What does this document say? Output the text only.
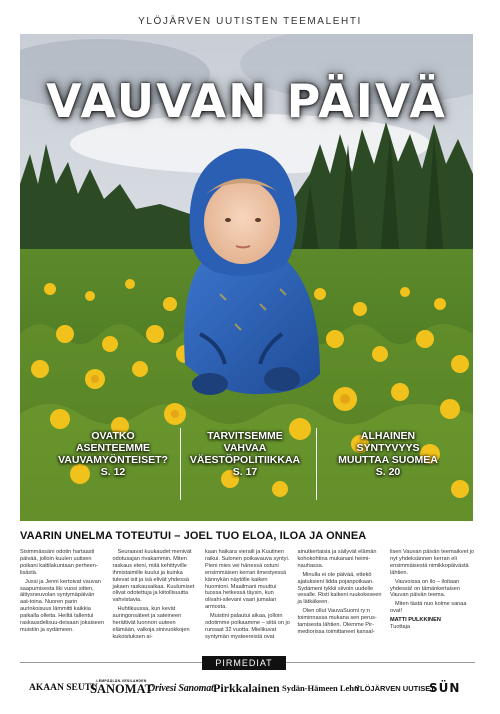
YLÖJÄRVEN UUTISTEN TEEMALEHTI
VAUVAN PÄIVÄ
OVATKO
ASENTEEMME
VAUVAMYÖNTEISET?
S. 12
TARVITSEMME
VAHVAA
VÄESTÖPOLITIIKKAA
S. 17
ALHAINEN
SYNTYVYYS
MUUTTAA SUOMEA
S. 20
VAARIN UNELMA TOTEUTUI – JOEL TUO ELOA, ILOA JA ONNEA

Sisimmässäni odotin hartaasti päivää, jolloin kuulen uutisen poikani kattilakuntaan perheen-lisästä.

Jussi ja Jenni kertoivat vauvan saapumisesta liki vuosi sitten, äitiysneuvolan syntymäpäivän aat-toina. Nuoren parin aurinkoisuus lämmitti kaikkia paikalla olleita. Heiltä tallentui raskausdelisuu-deisaan jokaiseen muistiin ja sydämeen.

Seuraavat kuukaudet menivät odotusajan rivakammin. Miten raskaus eteni, mitä kehittyville ihmistaimille kuului ja kuinka tulevat isit ja isä elivät yhdessä jakaen raskausaikaa. Kuulumiset olivat odotettuja ja kiitollisuutta vahvistavia.

Huhtikuussa, kun kevät auringonsäteet ja sateineen herättivät luonnon uuteen elämään, valkoja sinivuokkojen kukoistuksen ai-

kaan haikara vieraili ja Kuutinen raikui. Sulonen poikavauva syntyi. Pieni mies vei hänessä ostuni ensimmäisen kerran ilmestyessä kännykän näytölle kaiken huomioni. Maailmani muuttui tuossa hetkessä täysin, kun olivahi-silevani vaari jumalan armosta.

Muistini palautui aikaa, jolloin odotimme poikaamme – siitä on jo runsaat 32 vuotta. Mielikuvat syntymän mysteereistä ovat

ainutkertaisia ja säilyvät elämän kohokohtina mukanani heimi-nauhassa.

Minulla ei ole päivää, ettekö ajatuksieni lidda pojanpoikaan. Sydämeni tykkii siivoin uudelle vesalle. Risti kaikeni ruukokeseen ja lätkäkeen.

Olen ollut VauvaSuomi ry:n toiminnassa mukana sen perus-tamisesta lähtien. Olemme Pir-mediorissa toimittaneet kansal-

lisen Vauvan päivän teemaikvet jo nyt yhdeksännen kerran eli ensimmäisestä nimikkopäivästä lähtien.

Vauvoissa on ilo – iloitaan yhdessä! on tämänkertaisen Vauvan päivän teema.

Miten tästä nuo kolme sanaa ovat!

MATTI PULKKINEN

Tuottaja

PIRMEDIAT
AKAAN SEUTU
LEMPÄÄLÄN-VESILAHDEN
SANOMAT
Orivesi Sanomat Pirkkalainen Sydän-Hämeen Lehti
YLÖJÄRVEN UUTISET
SÜN
